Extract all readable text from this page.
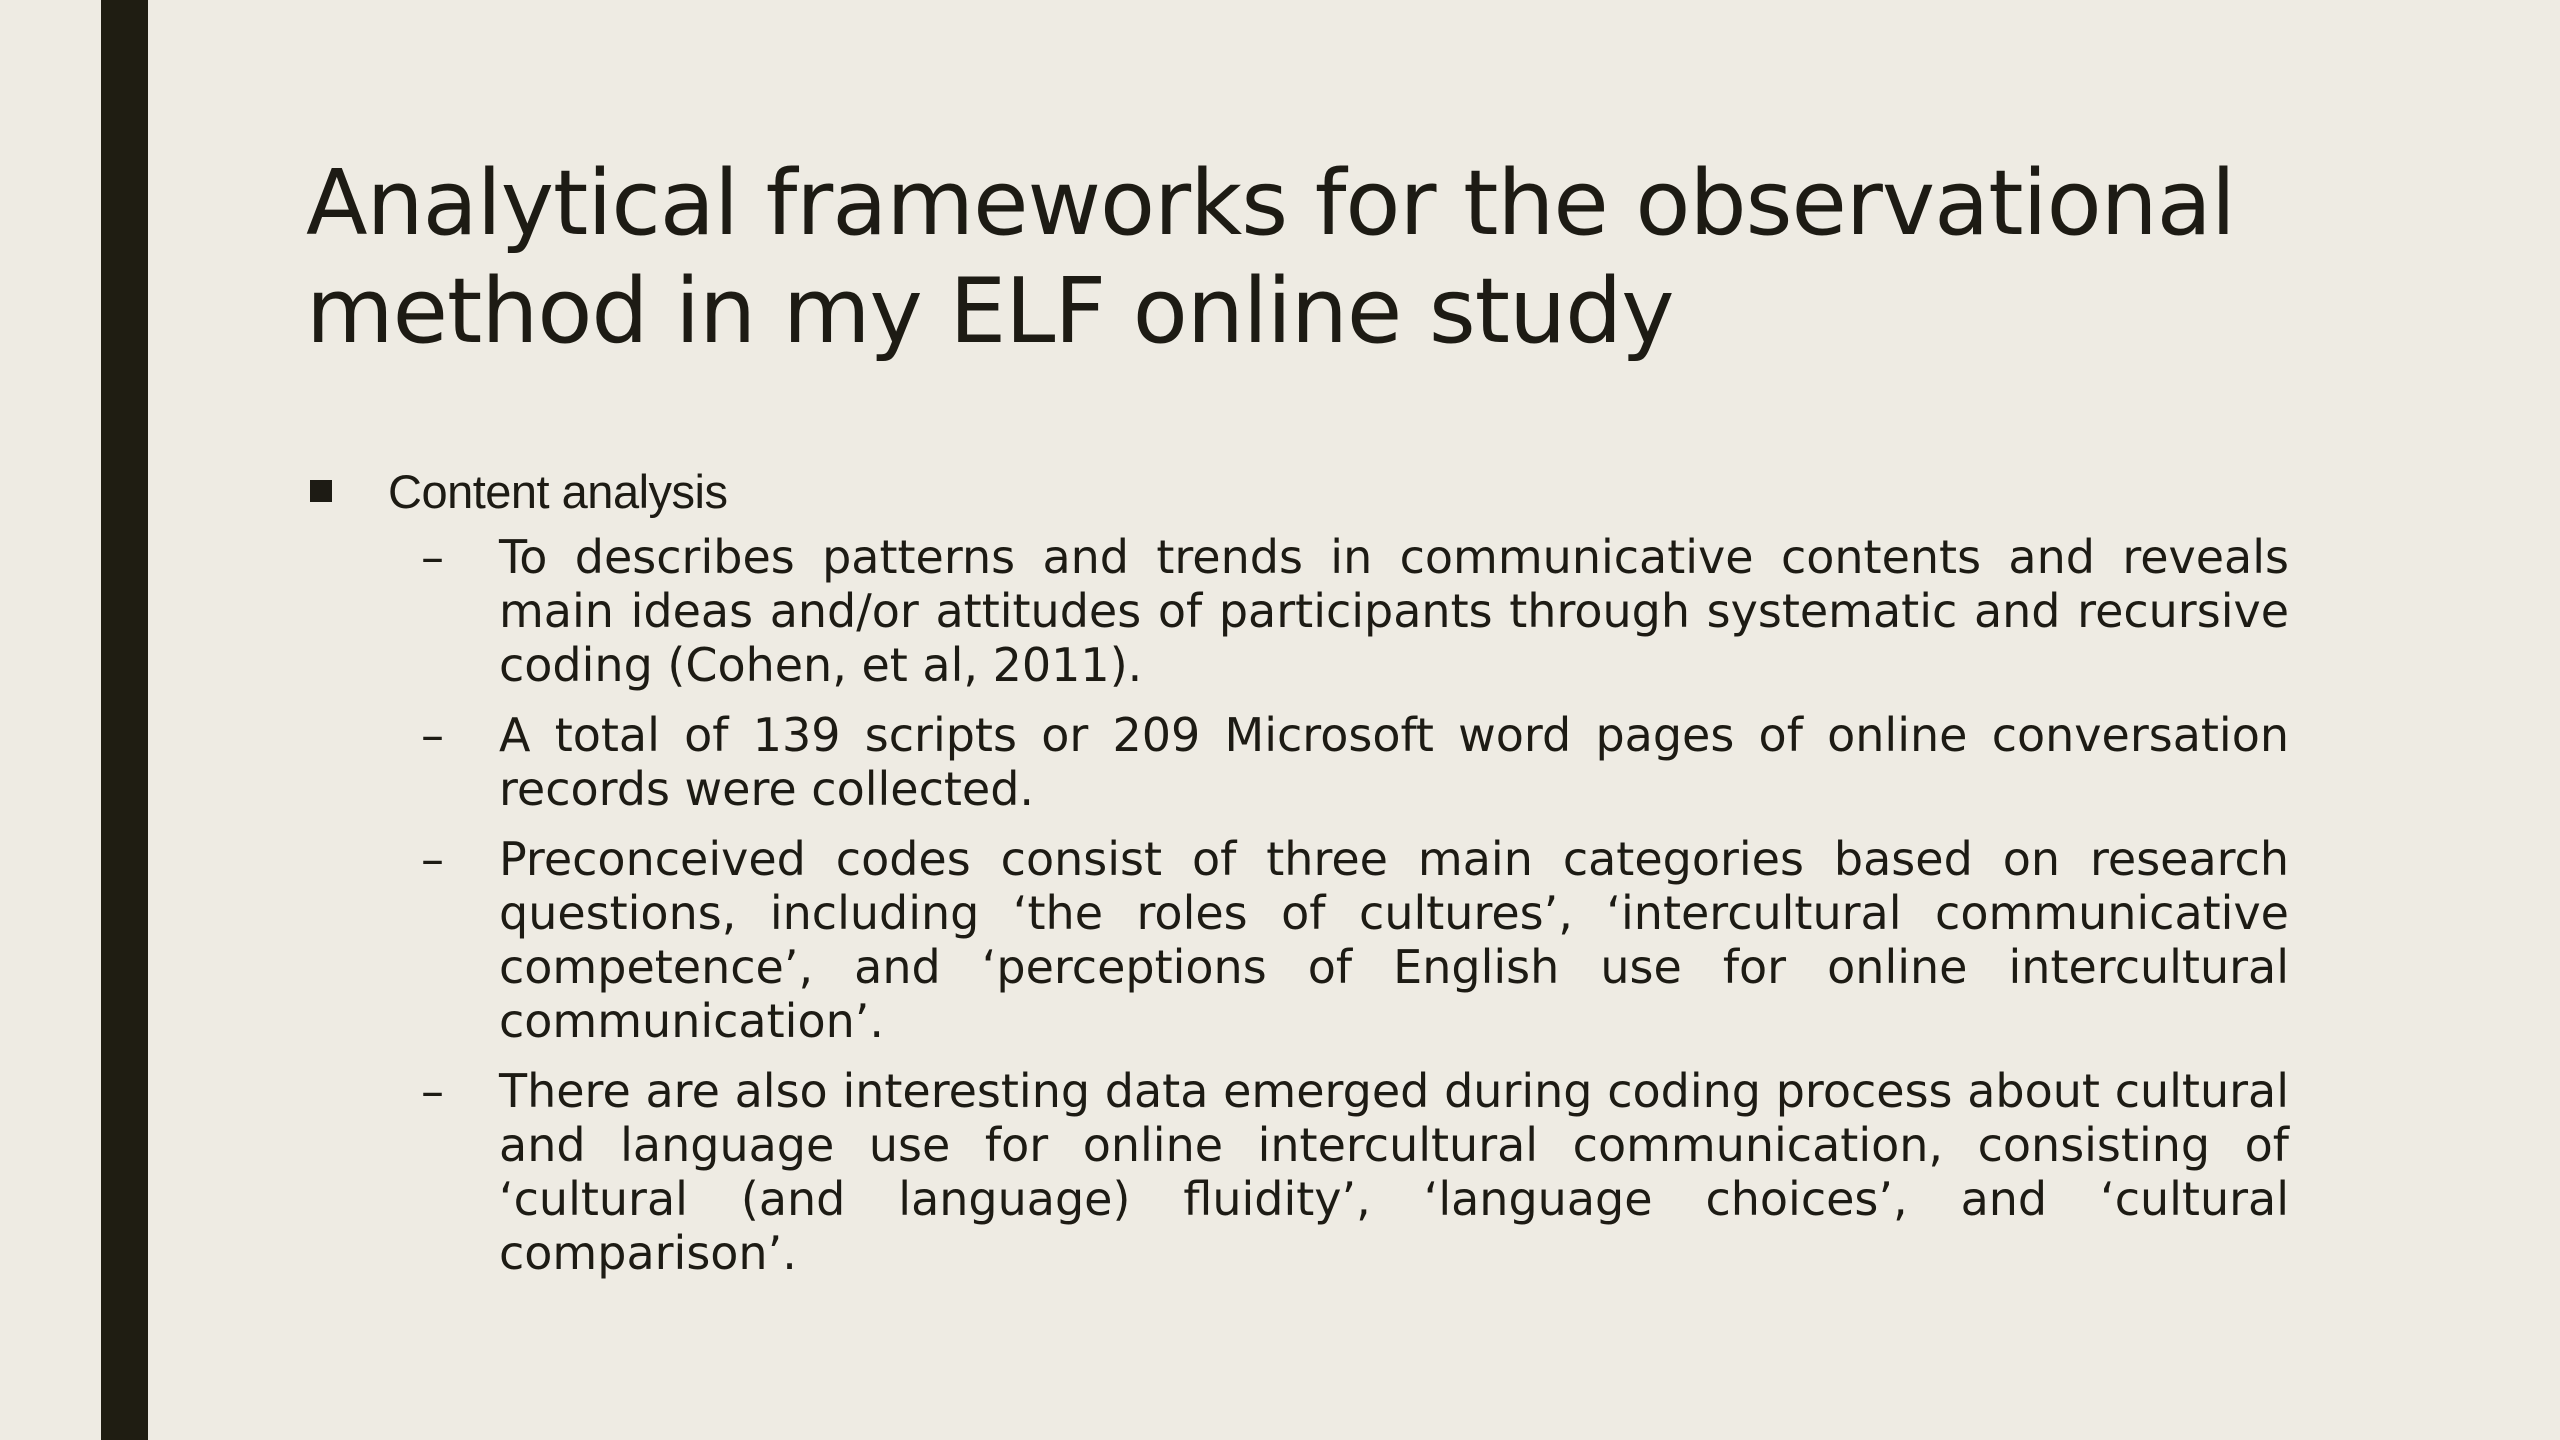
Analytical frameworks for the observational
method in my ELF online study
Content analysis
– To describes patterns and trends in communicative contents and reveals main ideas and/or attitudes of participants through systematic and recursive coding (Cohen, et al, 2011).
– A total of 139 scripts or 209 Microsoft word pages of online conversation records were collected.
– Preconceived codes consist of three main categories based on research questions, including ‘the roles of cultures’, ‘intercultural communicative competence’, and ‘perceptions of English use for online intercultural communication’.
– There are also interesting data emerged during coding process about cultural and language use for online intercultural communication, consisting of ‘cultural (and language) fluidity’, ‘language choices’, and ‘cultural comparison’.
